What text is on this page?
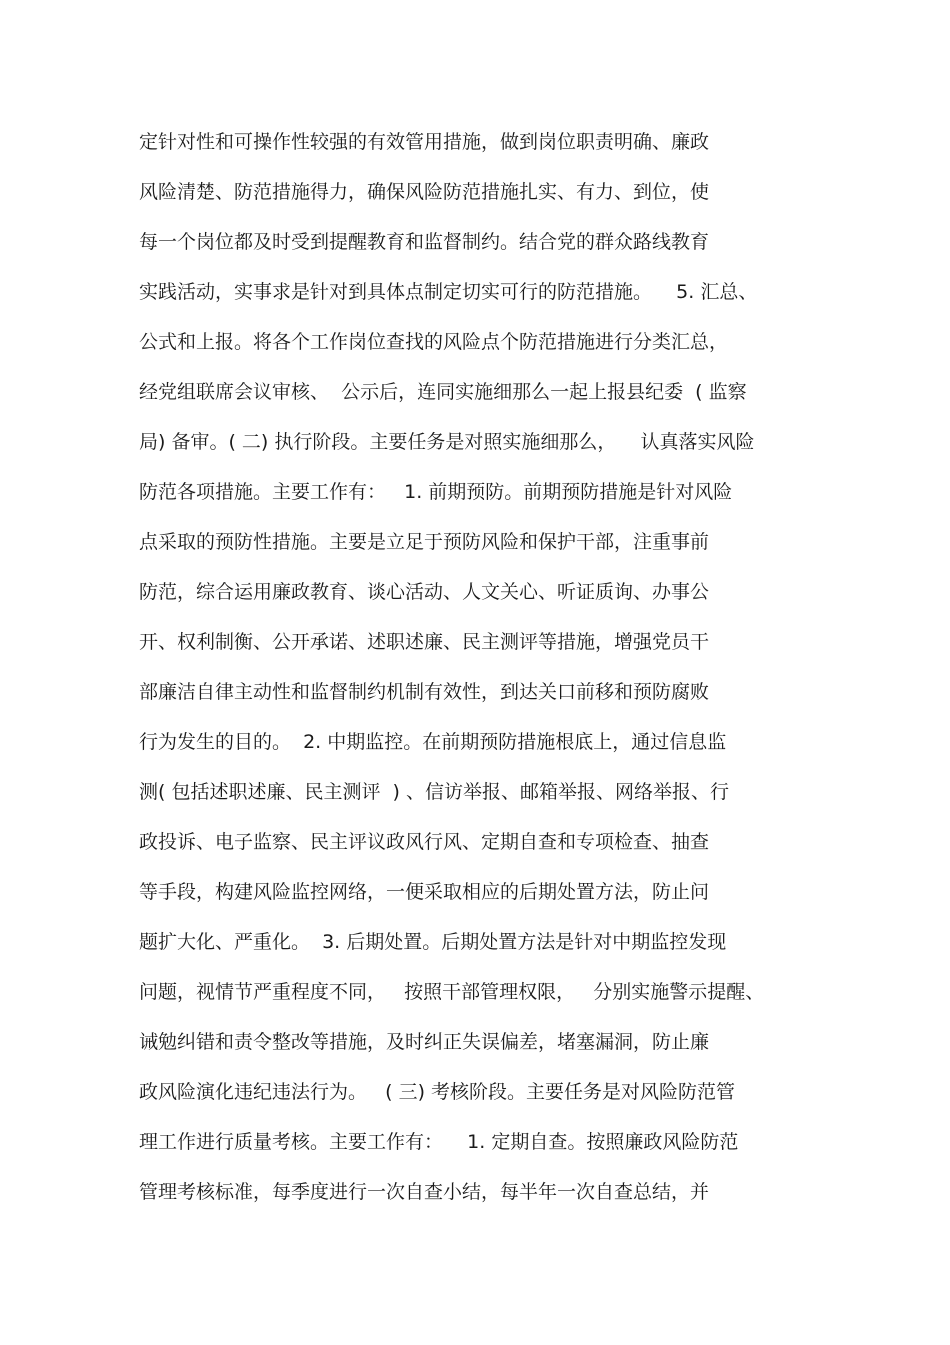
定针对性和可操作性较强的有效管用措施，做到岗位职责明确、廉政
风险清楚、防范措施得力，确保风险防范措施扎实、有力、到位，使
每一个岗位都及时受到提醒教育和监督制约。结合党的群众路线教育
实践活动，实事求是针对到具体点制定切实可行的防范措施。    5. 汇总、
公式和上报。将各个工作岗位查找的风险点个防范措施进行分类汇总，
经党组联席会议审核、  公示后，连同实施细那么一起上报县纪委  ( 监察
局) 备审。( 二) 执行阶段。主要任务是对照实施细那么，    认真落实风险
防范各项措施。主要工作有：   1. 前期预防。前期预防措施是针对风险
点采取的预防性措施。主要是立足于预防风险和保护干部，注重事前
防范，综合运用廉政教育、谈心活动、人文关心、听证质询、办事公
开、权利制衡、公开承诺、述职述廉、民主测评等措施，增强党员干
部廉洁自律主动性和监督制约机制有效性，到达关口前移和预防腐败
行为发生的目的。  2. 中期监控。在前期预防措施根底上，通过信息监
测( 包括述职述廉、民主测评  ) 、信访举报、邮箱举报、网络举报、行
政投诉、电子监察、民主评议政风行风、定期自查和专项检查、抽查
等手段，构建风险监控网络，一便采取相应的后期处置方法，防止问
题扩大化、严重化。  3. 后期处置。后期处置方法是针对中期监控发现
问题，视情节严重程度不同，   按照干部管理权限，   分别实施警示提醒、
诫勉纠错和责令整改等措施，及时纠正失误偏差，堵塞漏洞，防止廉
政风险演化违纪违法行为。   ( 三) 考核阶段。主要任务是对风险防范管
理工作进行质量考核。主要工作有：    1. 定期自查。按照廉政风险防范
管理考核标准，每季度进行一次自查小结，每半年一次自查总结，并
